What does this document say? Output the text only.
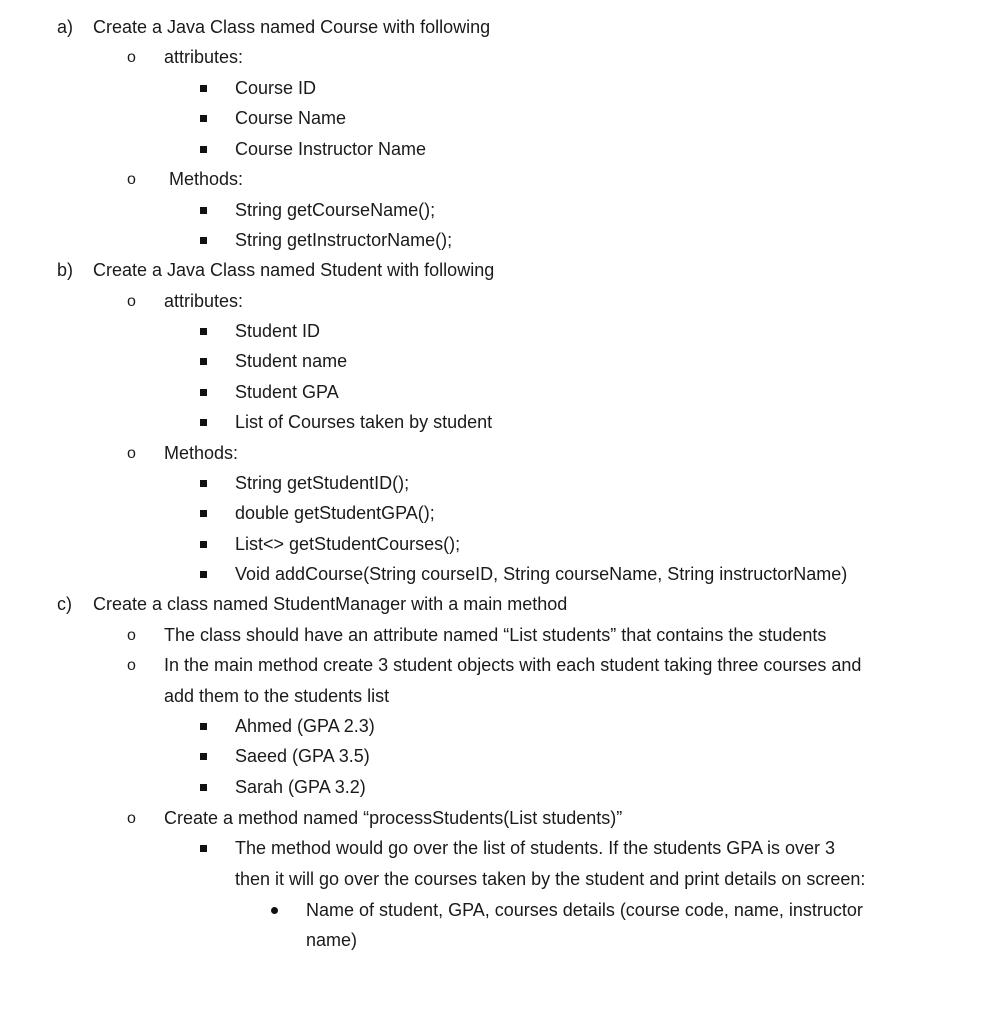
a) Create a Java Class named Course with following
o attributes:
Course ID
Course Name
Course Instructor Name
o Methods:
String getCourseName();
String getInstructorName();
b) Create a Java Class named Student with following
o attributes:
Student ID
Student name
Student GPA
List of Courses taken by student
o Methods:
String getStudentID();
double getStudentGPA();
List<> getStudentCourses();
Void addCourse(String courseID, String courseName, String instructorName)
c) Create a class named StudentManager with a main method
o The class should have an attribute named “List students” that contains the students
o In the main method create 3 student objects with each student taking three courses and
add them to the students list
Ahmed (GPA 2.3)
Saeed (GPA 3.5)
Sarah (GPA 3.2)
o Create a method named “processStudents(List students)”
The method would go over the list of students. If the students GPA is over 3
then it will go over the courses taken by the student and print details on screen:
Name of student, GPA, courses details (course code, name, instructor
name)
